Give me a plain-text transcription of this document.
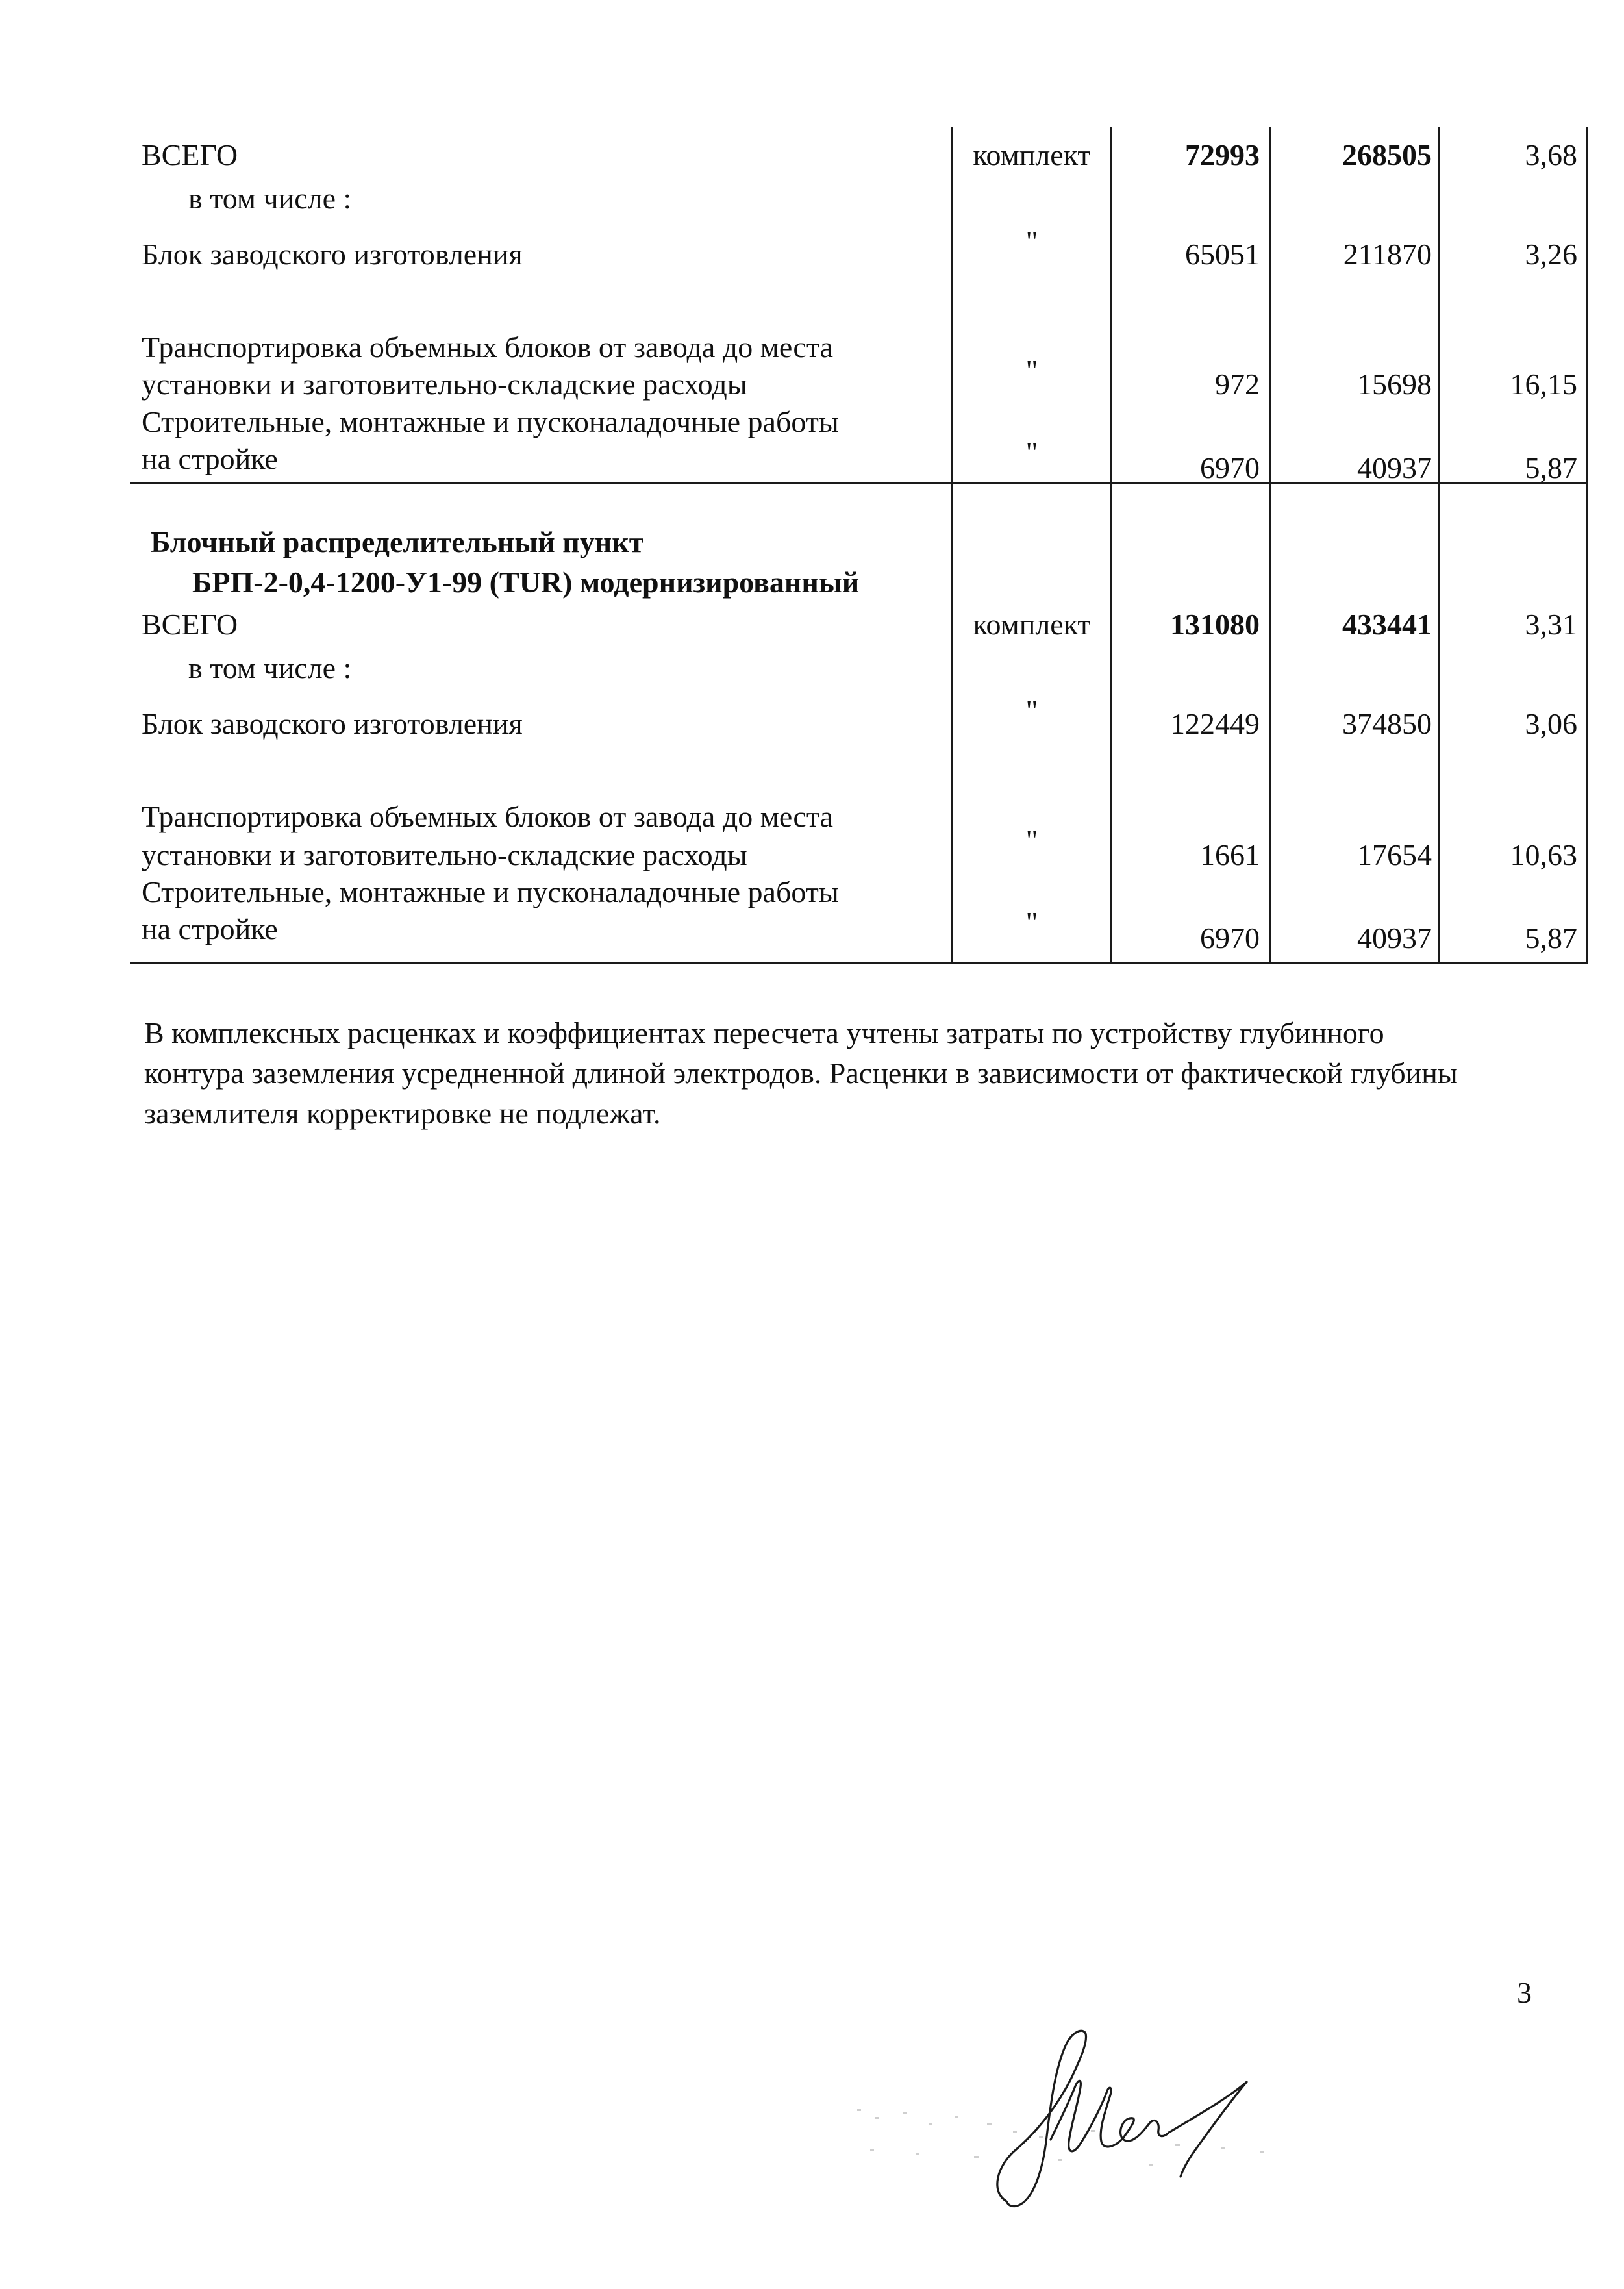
ВСЕГО	комплект	72993	268505	3,68
в том числе :
Блок заводского изготовления	"	65051	211870	3,26
Транспортировка объемных блоков от завода до места
установки и заготовительно-складские расходы	"	972	15698	16,15
Строительные, монтажные и пусконаладочные работы
на стройке	"	6970	40937	5,87
Блочный распределительный пункт
БРП-2-0,4-1200-У1-99 (TUR) модернизированный
ВСЕГО	комплект	131080	433441	3,31
в том числе :
Блок заводского изготовления	"	122449	374850	3,06
Транспортировка объемных блоков от завода до места
установки и заготовительно-складские расходы	"	1661	17654	10,63
Строительные, монтажные и пусконаладочные работы
на стройке	"	6970	40937	5,87
В комплексных расценках и коэффициентах пересчета учтены затраты по устройству глубинного
контура заземления усредненной длиной электродов. Расценки в зависимости от фактической глубины
заземлителя корректировке не подлежат.
3
